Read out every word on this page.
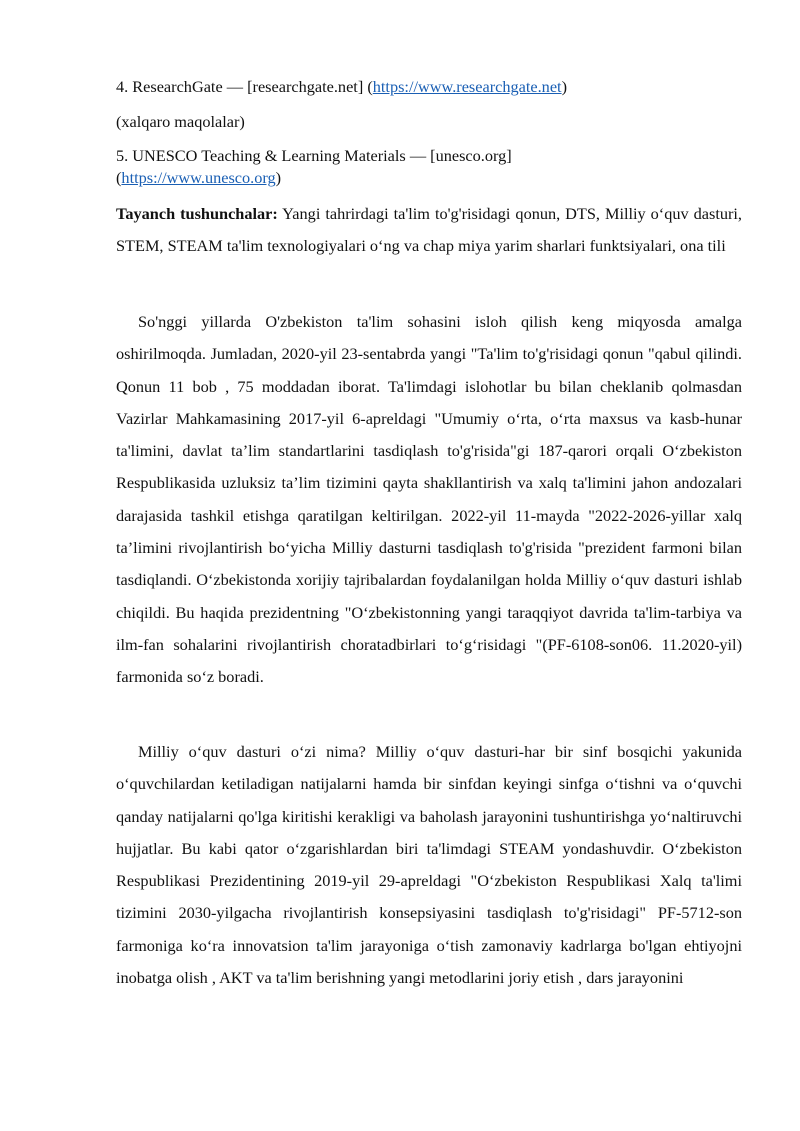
4. ResearchGate — [researchgate.net] (https://www.researchgate.net)
(xalqaro maqolalar)
5. UNESCO Teaching & Learning Materials — [unesco.org]
(https://www.unesco.org)
Tayanch tushunchalar: Yangi tahrirdagi ta'lim to'g'risidagi qonun, DTS, Milliy o‘quv dasturi, STEM, STEAM ta'lim texnologiyalari o‘ng va chap miya yarim sharlari funktsiyalari, ona tili
So'nggi yillarda O'zbekiston ta'lim sohasini isloh qilish keng miqyosda amalga oshirilmoqda. Jumladan, 2020-yil 23-sentabrda yangi "Ta'lim to'g'risidagi qonun "qabul qilindi. Qonun 11 bob , 75 moddadan iborat. Ta'limdagi islohotlar bu bilan cheklanib qolmasdan Vazirlar Mahkamasining 2017-yil 6-apreldagi "Umumiy o‘rta, o‘rta maxsus va kasb-hunar ta'limini, davlat ta’lim standartlarini tasdiqlash to'g'risida"gi 187-qarori orqali O‘zbekiston Respublikasida uzluksiz ta’lim tizimini qayta shakllantirish va xalq ta'limini jahon andozalari darajasida tashkil etishga qaratilgan keltirilgan. 2022-yil 11-mayda "2022-2026-yillar xalq ta’limini rivojlantirish bo‘yicha Milliy dasturni tasdiqlash to'g'risida "prezident farmoni bilan tasdiqlandi. O‘zbekistonda xorijiy tajribalardan foydalanilgan holda Milliy o‘quv dasturi ishlab chiqildi. Bu haqida prezidentning "O‘zbekistonning yangi taraqqiyot davrida ta'lim-tarbiya va ilm-fan sohalarini rivojlantirish choratadbirlari to‘g‘risidagi "(PF-6108-son06. 11.2020-yil) farmonida so‘z boradi.
Milliy o‘quv dasturi o‘zi nima? Milliy o‘quv dasturi-har bir sinf bosqichi yakunida o‘quvchilardan ketiladigan natijalarni hamda bir sinfdan keyingi sinfga o‘tishni va o‘quvchi qanday natijalarni qo'lga kiritishi kerakligi va baholash jarayonini tushuntirishga yo‘naltiruvchi hujjatlar. Bu kabi qator o‘zgarishlardan biri ta'limdagi STEAM yondashuvdir. O‘zbekiston Respublikasi Prezidentining 2019-yil 29-apreldagi "O‘zbekiston Respublikasi Xalq ta'limi tizimini 2030-yilgacha rivojlantirish konsepsiyasini tasdiqlash to'g'risidagi" PF-5712-son farmoniga ko‘ra innovatsion ta'lim jarayoniga o‘tish zamonaviy kadrlarga bo'lgan ehtiyojni inobatga olish , AKT va ta'lim berishning yangi metodlarini joriy etish , dars jarayonini
